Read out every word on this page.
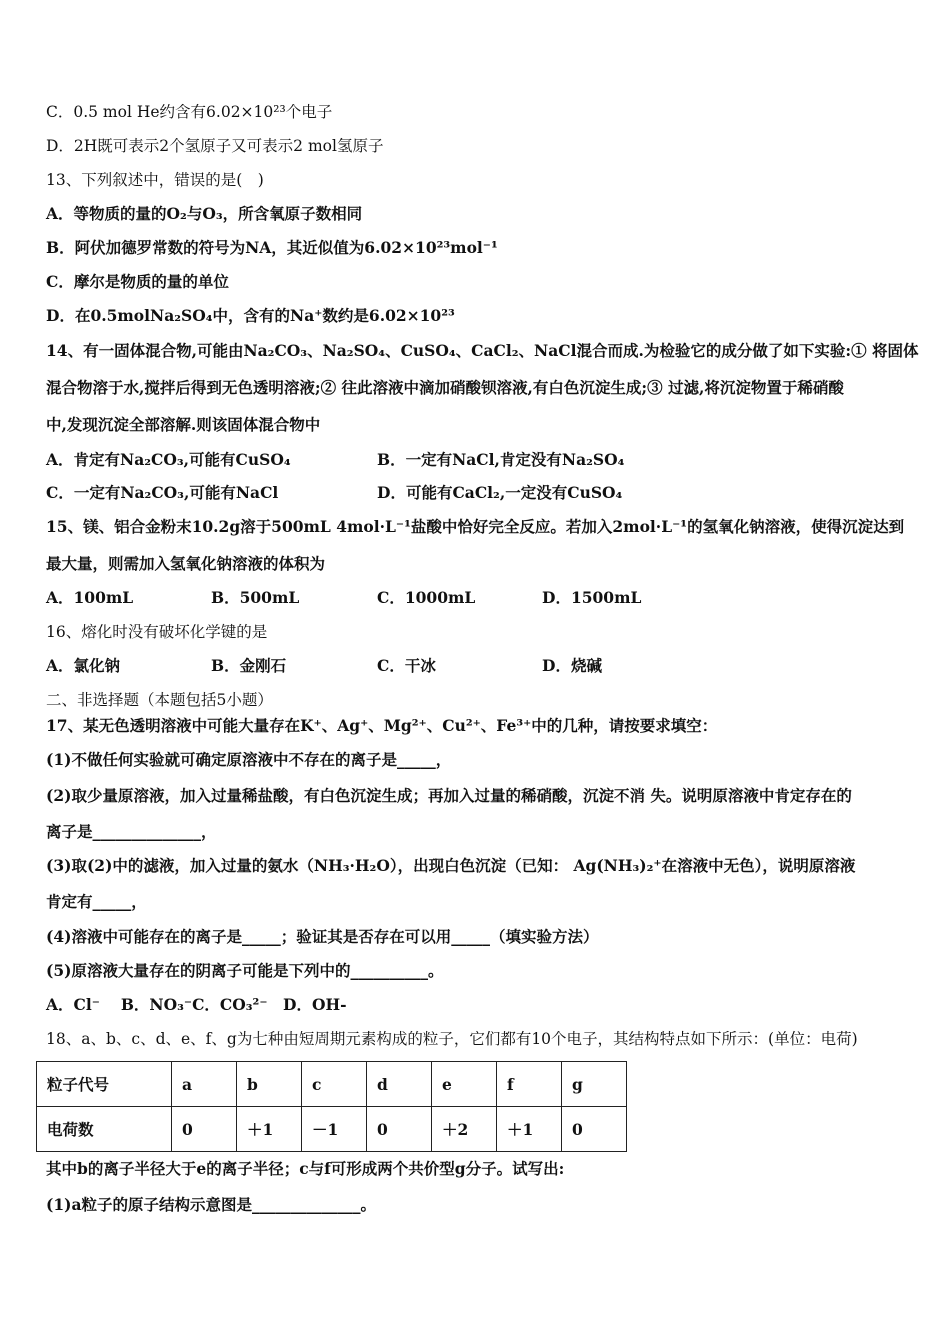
C．0.5 mol He约含有6.02×10²³个电子
D．2H既可表示2个氢原子又可表示2 mol氢原子
13、下列叙述中，错误的是(　)
A．等物质的量的O₂与O₃，所含氧原子数相同
B．阿伏加德罗常数的符号为NA，其近似值为6.02×10²³mol⁻¹
C．摩尔是物质的量的单位
D．在0.5molNa₂SO₄中，含有的Na⁺数约是6.02×10²³
14、有一固体混合物,可能由Na₂CO₃、Na₂SO₄、CuSO₄、CaCl₂、NaCl混合而成.为检验它的成分做了如下实验:① 将固体
混合物溶于水,搅拌后得到无色透明溶液;② 往此溶液中滴加硝酸钡溶液,有白色沉淀生成;③ 过滤,将沉淀物置于稀硝酸
中,发现沉淀全部溶解.则该固体混合物中
A．肯定有Na₂CO₃,可能有CuSO₄	B．一定有NaCl,肯定没有Na₂SO₄
C．一定有Na₂CO₃,可能有NaCl	D．可能有CaCl₂,一定没有CuSO₄
15、镁、铝合金粉末10.2g溶于500mL 4mol·L⁻¹盐酸中恰好完全反应。若加入2mol·L⁻¹的氢氧化钠溶液，使得沉淀达到
最大量，则需加入氢氧化钠溶液的体积为
A．100mL	B．500mL	C．1000mL	D．1500mL
16、熔化时没有破坏化学键的是
A．氯化钠	B．金刚石	C．干冰	D．烧碱
二、非选择题（本题包括5小题）
17、某无色透明溶液中可能大量存在K⁺、Ag⁺、Mg²⁺、Cu²⁺、Fe³⁺中的几种，请按要求填空：
(1)不做任何实验就可确定原溶液中不存在的离子是_____，
(2)取少量原溶液，加入过量稀盐酸，有白色沉淀生成；再加入过量的稀硝酸，沉淀不消 失。说明原溶液中肯定存在的
离子是______________，
(3)取(2)中的滤液，加入过量的氨水（NH₃·H₂O），出现白色沉淀（已知： Ag(NH₃)₂⁺在溶液中无色），说明原溶液
肯定有_____，
(4)溶液中可能存在的离子是_____；验证其是否存在可以用_____（填实验方法）
(5)原溶液大量存在的阴离子可能是下列中的__________。
A．Cl⁻　 B．NO₃⁻C．CO₃²⁻　D．OH-
18、a、b、c、d、e、f、g为七种由短周期元素构成的粒子，它们都有10个电子，其结构特点如下所示：(单位：电荷)
粒子代号	a	b	c	d	e	f	g
电荷数	0	＋1	－1	0	＋2	＋1	0
其中b的离子半径大于e的离子半径；c与f可形成两个共价型g分子。试写出:
(1)a粒子的原子结构示意图是______________。
